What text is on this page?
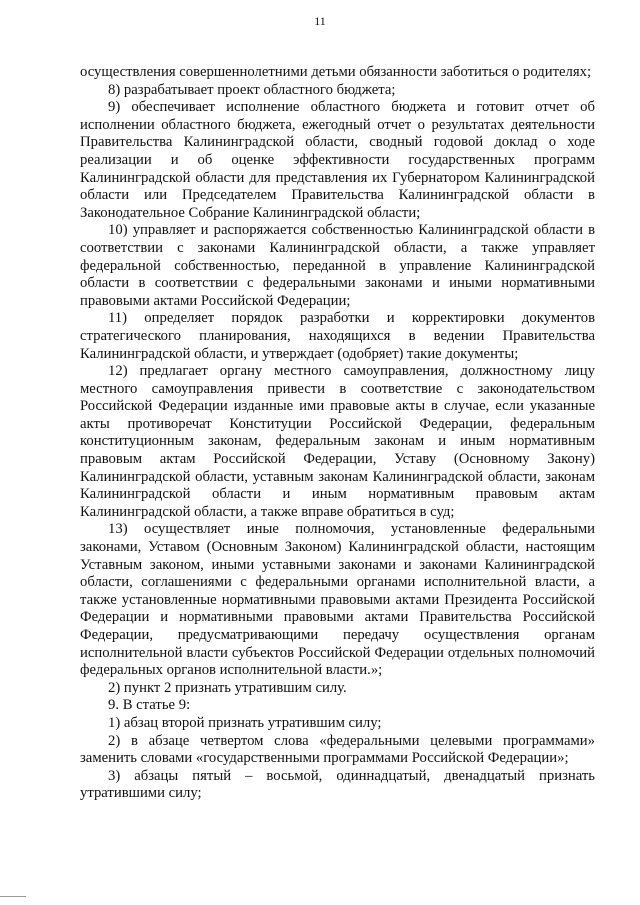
11

осуществления совершеннолетними детьми обязанности заботиться о родителях;

8) разрабатывает проект областного бюджета;

9) обеспечивает исполнение областного бюджета и готовит отчет об исполнении областного бюджета, ежегодный отчет о результатах деятельности Правительства Калининградской области, сводный годовой доклад о ходе реализации и об оценке эффективности государственных программ Калининградской области для представления их Губернатором Калининградской области или Председателем Правительства Калининградской области в Законодательное Собрание Калининградской области;

10) управляет и распоряжается собственностью Калининградской области в соответствии с законами Калининградской области, а также управляет федеральной собственностью, переданной в управление Калининградской области в соответствии с федеральными законами и иными нормативными правовыми актами Российской Федерации;

11) определяет порядок разработки и корректировки документов стратегического планирования, находящихся в ведении Правительства Калининградской области, и утверждает (одобряет) такие документы;

12) предлагает органу местного самоуправления, должностному лицу местного самоуправления привести в соответствие с законодательством Российской Федерации изданные ими правовые акты в случае, если указанные акты противоречат Конституции Российской Федерации, федеральным конституционным законам, федеральным законам и иным нормативным правовым актам Российской Федерации, Уставу (Основному Закону) Калининградской области, уставным законам Калининградской области, законам Калининградской области и иным нормативным правовым актам Калининградской области, а также вправе обратиться в суд;

13) осуществляет иные полномочия, установленные федеральными законами, Уставом (Основным Законом) Калининградской области, настоящим Уставным законом, иными уставными законами и законами Калининградской области, соглашениями с федеральными органами исполнительной власти, а также установленные нормативными правовыми актами Президента Российской Федерации и нормативными правовыми актами Правительства Российской Федерации, предусматривающими передачу осуществления органам исполнительной власти субъектов Российской Федерации отдельных полномочий федеральных органов исполнительной власти.»;

2) пункт 2 признать утратившим силу.

9. В статье 9:

1) абзац второй признать утратившим силу;

2) в абзаце четвертом слова «федеральными целевыми программами» заменить словами «государственными программами Российской Федерации»;

3) абзацы пятый – восьмой, одиннадцатый, двенадцатый признать утратившими силу;
